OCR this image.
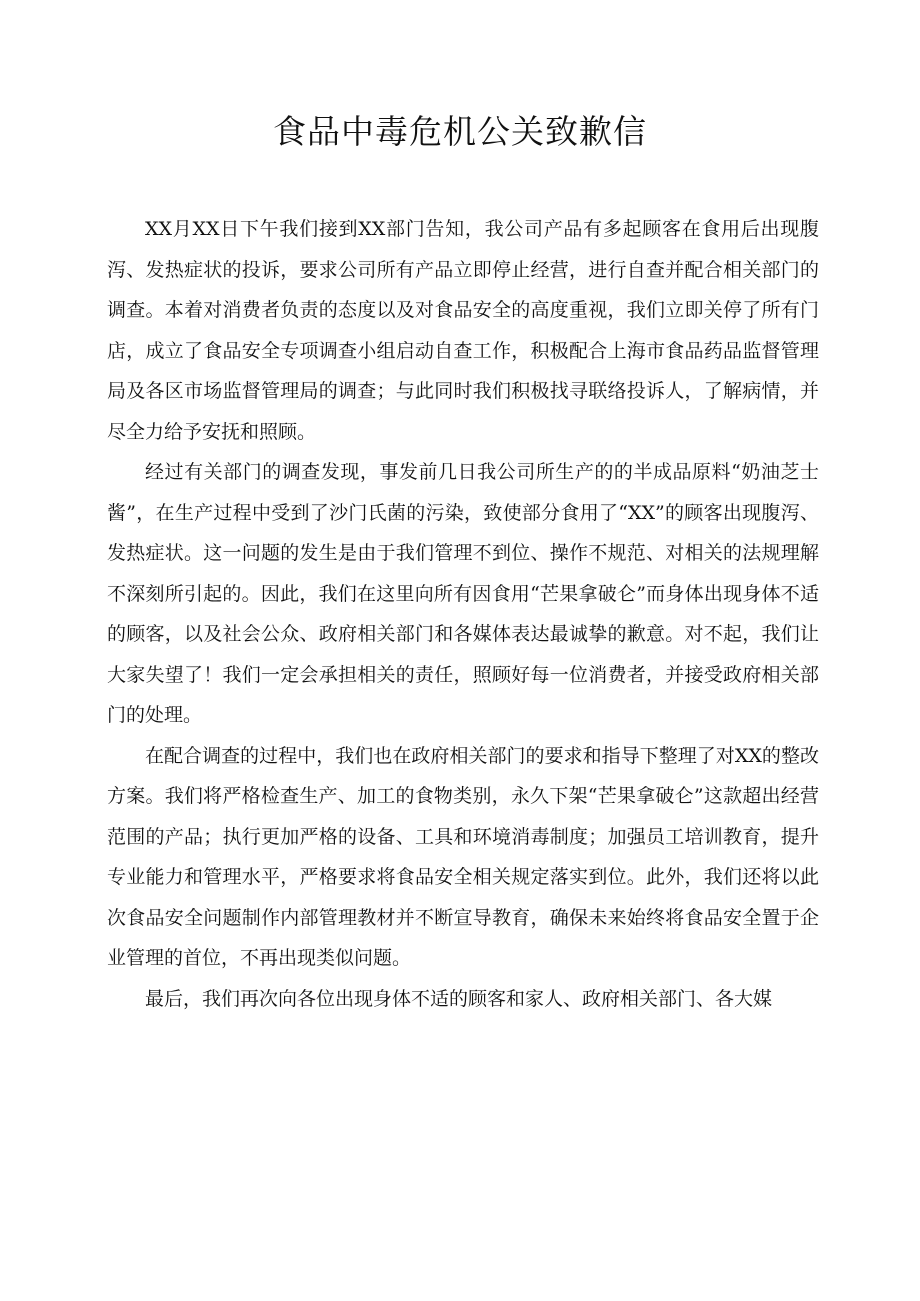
食品中毒危机公关致歉信

XX月XX日下午我们接到XX部门告知，我公司产品有多起顾客在食用后出现腹泻、发热症状的投诉，要求公司所有产品立即停止经营，进行自查并配合相关部门的调查。本着对消费者负责的态度以及对食品安全的高度重视，我们立即关停了所有门店，成立了食品安全专项调查小组启动自查工作，积极配合上海市食品药品监督管理局及各区市场监督管理局的调查；与此同时我们积极找寻联络投诉人，了解病情，并尽全力给予安抚和照顾。

经过有关部门的调查发现，事发前几日我公司所生产的的半成品原料“奶油芝士酱”，在生产过程中受到了沙门氏菌的污染，致使部分食用了“XX”的顾客出现腹泻、发热症状。这一问题的发生是由于我们管理不到位、操作不规范、对相关的法规理解不深刻所引起的。因此，我们在这里向所有因食用“芒果拿破仑”而身体出现身体不适的顾客，以及社会公众、政府相关部门和各媒体表达最诚挚的歉意。对不起，我们让大家失望了！我们一定会承担相关的责任，照顾好每一位消费者，并接受政府相关部门的处理。

在配合调查的过程中，我们也在政府相关部门的要求和指导下整理了对XX的整改方案。我们将严格检查生产、加工的食物类别，永久下架“芒果拿破仑”这款超出经营范围的产品；执行更加严格的设备、工具和环境消毒制度；加强员工培训教育，提升专业能力和管理水平，严格要求将食品安全相关规定落实到位。此外，我们还将以此次食品安全问题制作内部管理教材并不断宣导教育，确保未来始终将食品安全置于企业管理的首位，不再出现类似问题。

最后，我们再次向各位出现身体不适的顾客和家人、政府相关部门、各大媒
